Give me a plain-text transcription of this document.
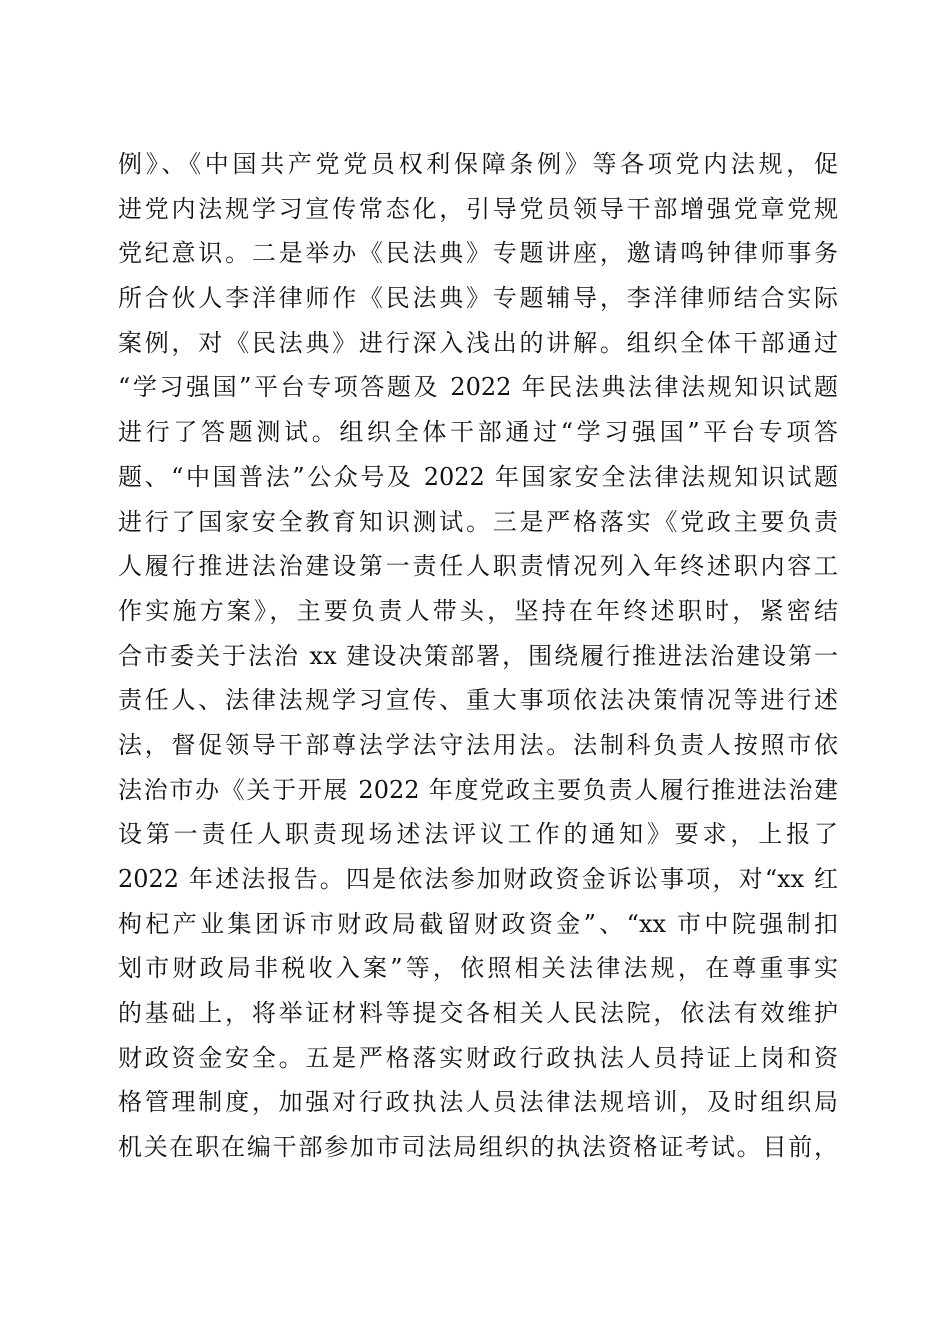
例》、《中国共产党党员权利保障条例》等各项党内法规，促
进党内法规学习宣传常态化，引导党员领导干部增强党章党规
党纪意识。二是举办《民法典》专题讲座，邀请鸣钟律师事务
所合伙人李洋律师作《民法典》专题辅导，李洋律师结合实际
案例，对《民法典》进行深入浅出的讲解。组织全体干部通过
“学习强国”平台专项答题及 2022 年民法典法律法规知识试题
进行了答题测试。组织全体干部通过“学习强国”平台专项答
题、“中国普法”公众号及 2022 年国家安全法律法规知识试题
进行了国家安全教育知识测试。三是严格落实《党政主要负责
人履行推进法治建设第一责任人职责情况列入年终述职内容工
作实施方案》，主要负责人带头，坚持在年终述职时，紧密结
合市委关于法治 xx 建设决策部署，围绕履行推进法治建设第一
责任人、法律法规学习宣传、重大事项依法决策情况等进行述
法，督促领导干部尊法学法守法用法。法制科负责人按照市依
法治市办《关于开展 2022 年度党政主要负责人履行推进法治建
设第一责任人职责现场述法评议工作的通知》要求，上报了
2022 年述法报告。四是依法参加财政资金诉讼事项，对“xx 红
枸杞产业集团诉市财政局截留财政资金”、“xx 市中院强制扣
划市财政局非税收入案”等，依照相关法律法规，在尊重事实
的基础上，将举证材料等提交各相关人民法院，依法有效维护
财政资金安全。五是严格落实财政行政执法人员持证上岗和资
格管理制度，加强对行政执法人员法律法规培训，及时组织局
机关在职在编干部参加市司法局组织的执法资格证考试。目前，
